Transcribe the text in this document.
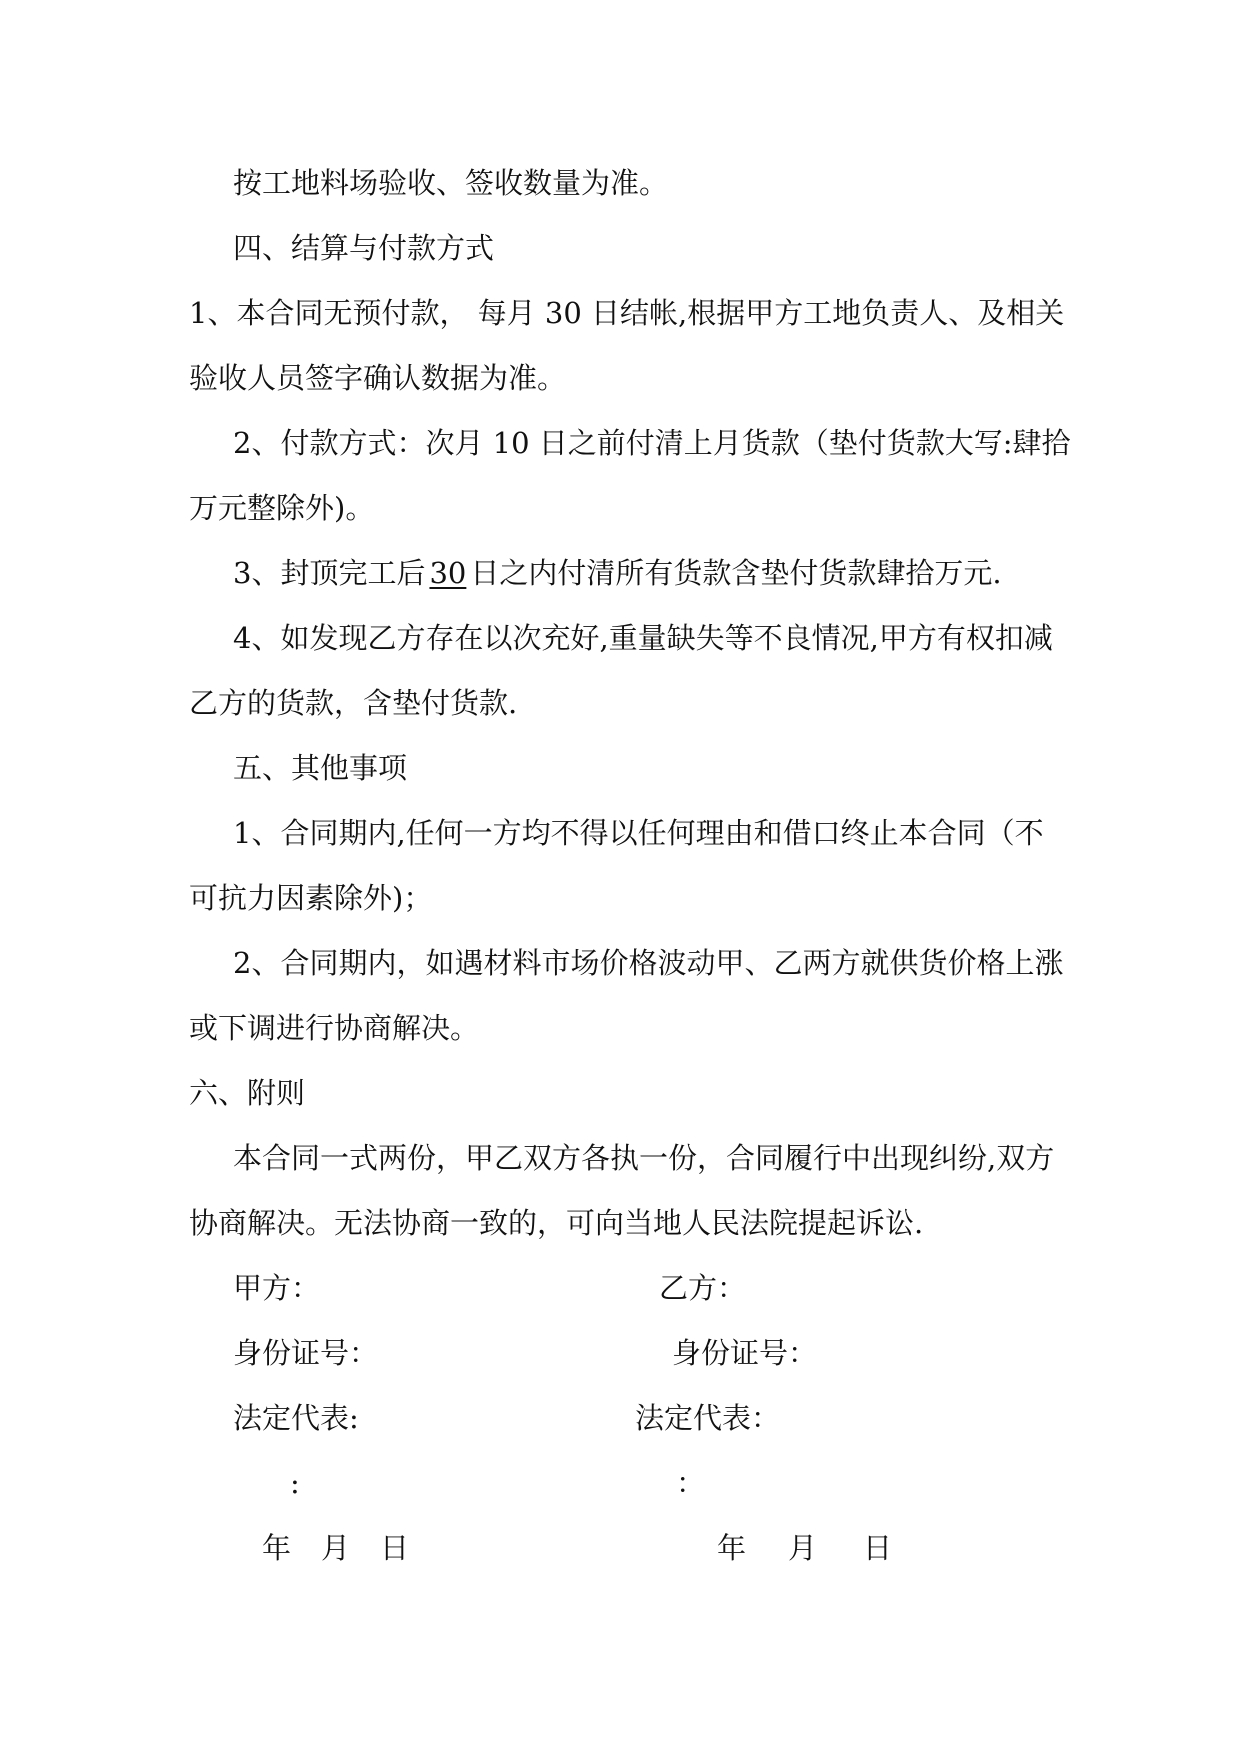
按工地料场验收、签收数量为准。
四、结算与付款方式
1、本合同无预付款， 每月 30 日结帐,根据甲方工地负责人、及相关
验收人员签字确认数据为准。
2、付款方式：次月 10 日之前付清上月货款（垫付货款大写:肆拾
万元整除外)。
3、封顶完工后 30 日之内付清所有货款含垫付货款肆拾万元.
4、如发现乙方存在以次充好,重量缺失等不良情况,甲方有权扣减
乙方的货款，含垫付货款.
五、其他事项
1、合同期内,任何一方均不得以任何理由和借口终止本合同（不
可抗力因素除外)；
2、合同期内，如遇材料市场价格波动甲、乙两方就供货价格上涨
或下调进行协商解决。
六、附则
本合同一式两份，甲乙双方各执一份，合同履行中出现纠纷,双方
协商解决。无法协商一致的，可向当地人民法院提起诉讼.
甲方：	乙方：
身份证号：	身份证号：
法定代表:	法定代表：
:	：
年 月 日	年 月 日
